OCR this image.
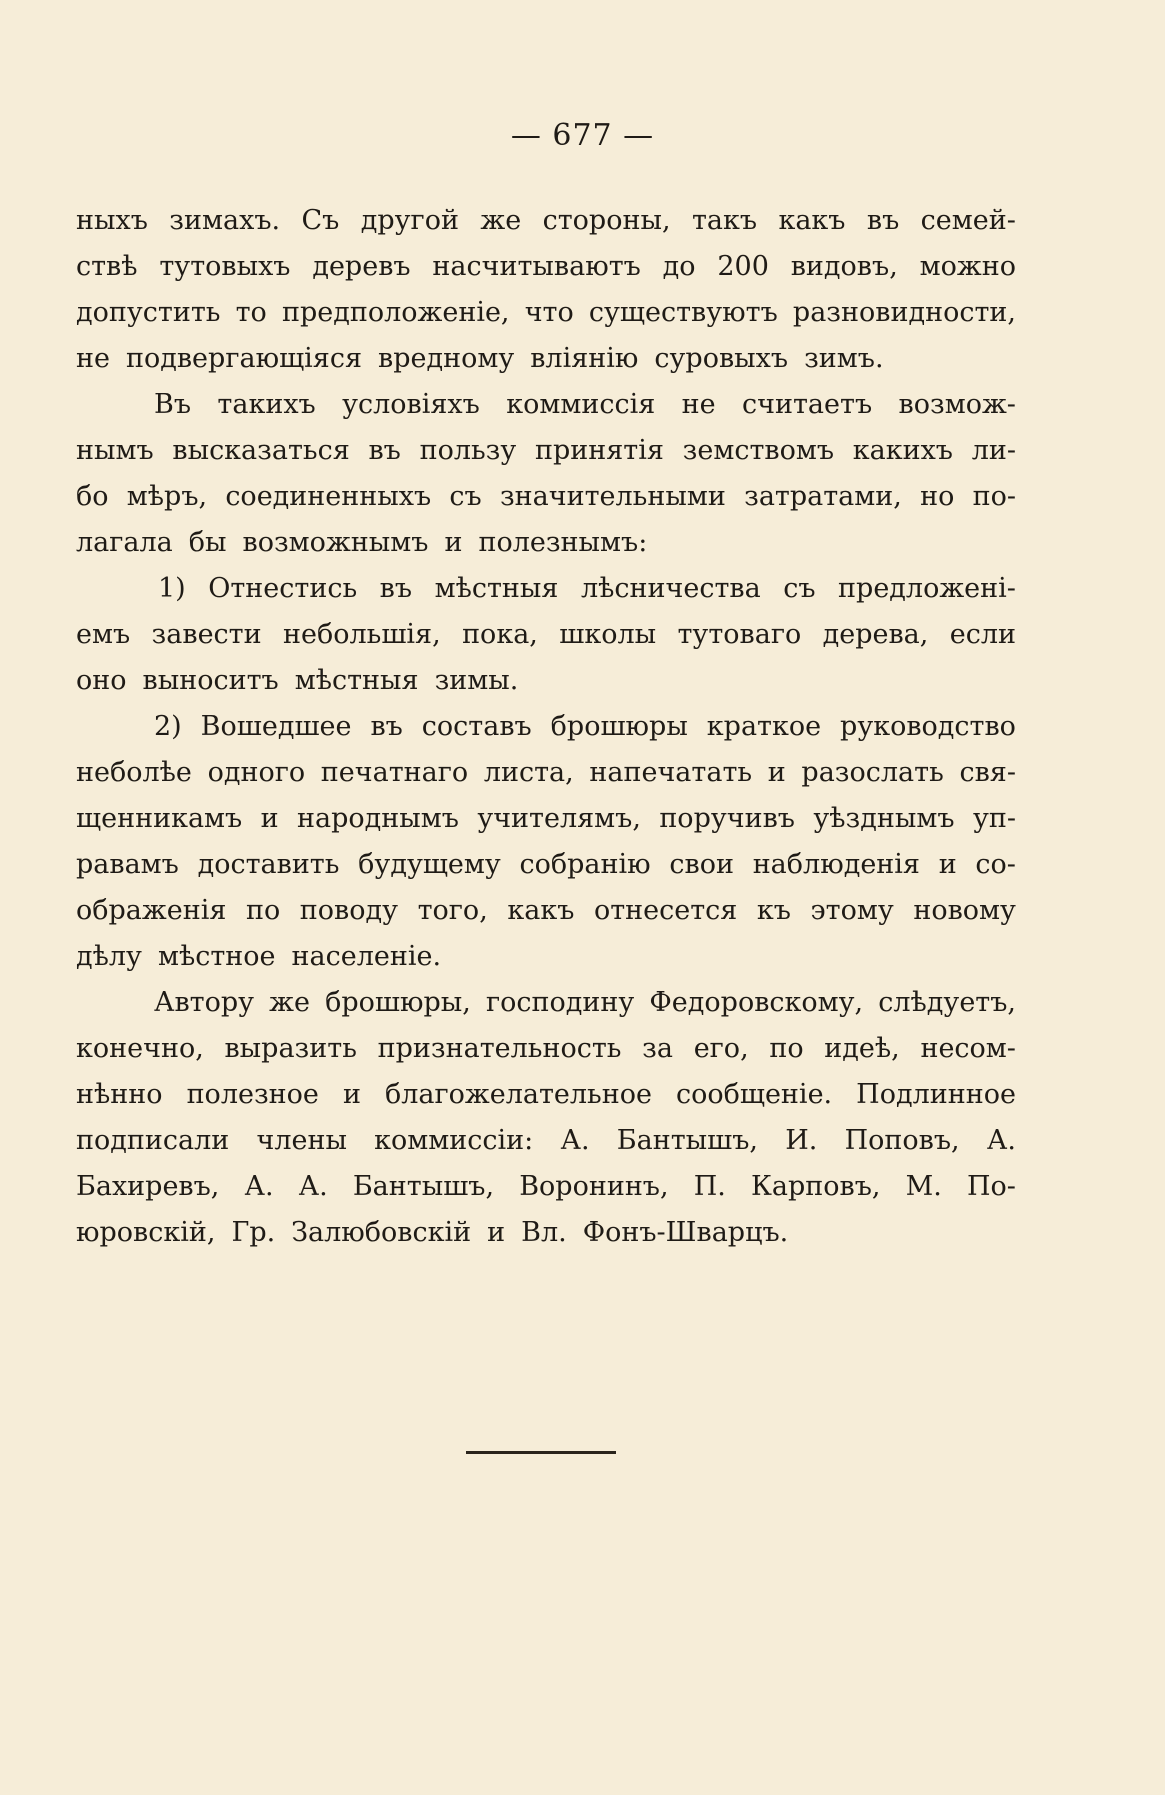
— 677 —
ныхъ зимахъ. Съ другой же стороны, такъ какъ въ семей-
ствѣ тутовыхъ деревъ насчитываютъ до 200 видовъ, можно
допустить то предположеніе, что существуютъ разновидности,
не подвергающіяся вредному вліянію суровыхъ зимъ.
Въ такихъ условіяхъ коммиссія не считаетъ возмож-
нымъ высказаться въ пользу принятія земствомъ какихъ ли-
бо мѣръ, соединенныхъ съ значительными затратами, но по-
лагала бы возможнымъ и полезнымъ:
1) Отнестись въ мѣстныя лѣсничества съ предложені-
емъ завести небольшія, пока, школы тутоваго дерева, если
оно выноситъ мѣстныя зимы.
2) Вошедшее въ составъ брошюры краткое руководство
неболѣе одного печатнаго листа, напечатать и разослать свя-
щенникамъ и народнымъ учителямъ, поручивъ уѣзднымъ уп-
равамъ доставить будущему собранію свои наблюденія и со-
ображенія по поводу того, какъ отнесется къ этому новому
дѣлу мѣстное населеніе.
Автору же брошюры, господину Федоровскому, слѣдуетъ,
конечно, выразить признательность за его, по идеѣ, несом-
нѣнно полезное и благожелательное сообщеніе. Подлинное
подписали члены коммиссіи: А. Бантышъ, И. Поповъ, А.
Бахиревъ, А. А. Бантышъ, Воронинъ, П. Карповъ, М. По-
юровскій, Гр. Залюбовскій и Вл. Фонъ-Шварцъ.
